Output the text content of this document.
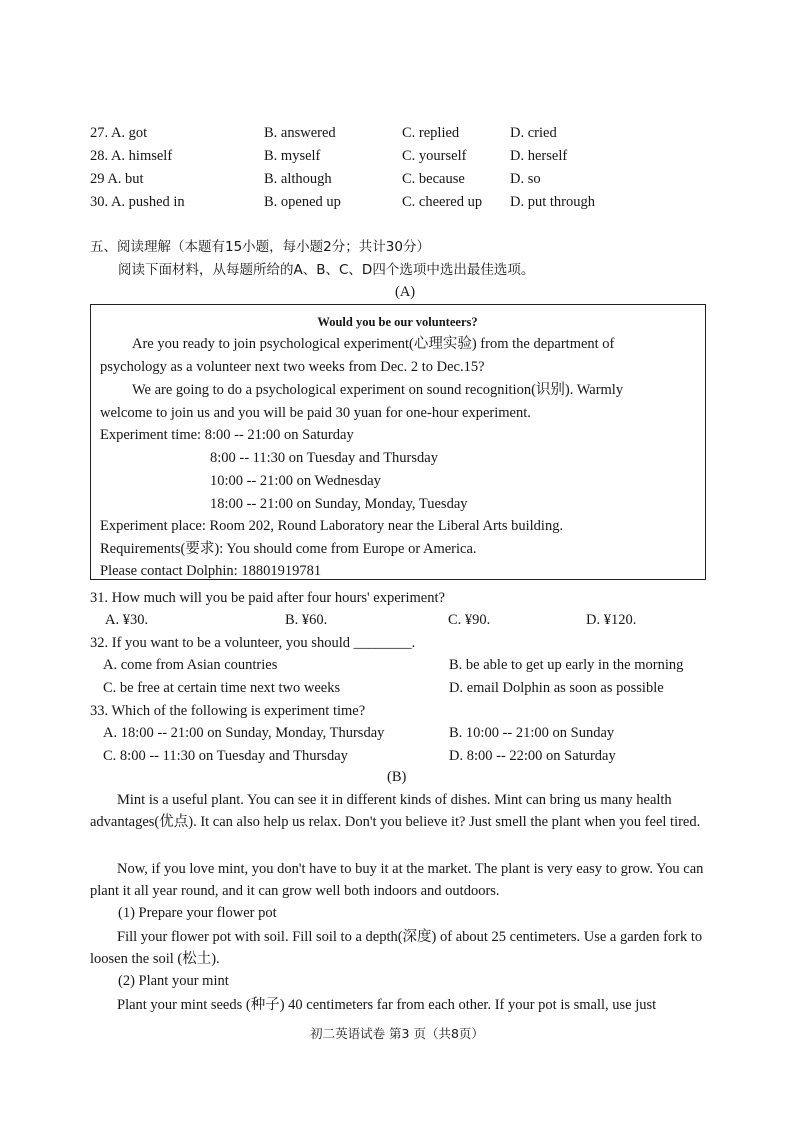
27. A. got	B. answered	C. replied	D. cried
28. A. himself	B. myself	C. yourself	D. herself
29 A. but	B. although	C. because	D. so
30. A. pushed in	B. opened up	C. cheered up D. put through
五、阅读理解（本题有15小题，每小题2分；共计30分）
阅读下面材料，从每题所给的A、B、C、D四个选项中选出最佳选项。
(A)
Would you be our volunteers?
Are you ready to join psychological experiment(心理实验) from the department of
psychology as a volunteer next two weeks from Dec. 2 to Dec.15?
We are going to do a psychological experiment on sound recognition(识别). Warmly
welcome to join us and you will be paid 30 yuan for one-hour experiment.
Experiment time: 8:00 -- 21:00 on Saturday
8:00 -- 11:30 on Tuesday and Thursday
10:00 -- 21:00 on Wednesday
18:00 -- 21:00 on Sunday, Monday, Tuesday
Experiment place: Room 202, Round Laboratory near the Liberal Arts building.
Requirements(要求): You should come from Europe or America.
Please contact Dolphin: 18801919781
31. How much will you be paid after four hours' experiment?
A. ¥30.	B. ¥60.	C. ¥90.	D. ¥120.
32. If you want to be a volunteer, you should ________.
A. come from Asian countries	B. be able to get up early in the morning
C. be free at certain time next two weeks	D. email Dolphin as soon as possible
33. Which of the following is experiment time?
A. 18:00 -- 21:00 on Sunday, Monday, Thursday	B. 10:00 -- 21:00 on Sunday
C. 8:00 -- 11:30 on Tuesday and Thursday	D. 8:00 -- 22:00 on Saturday
(B)
Mint is a useful plant. You can see it in different kinds of dishes. Mint can bring us many health advantages(优点). It can also help us relax. Don't you believe it? Just smell the plant when you feel tired.
Now, if you love mint, you don't have to buy it at the market. The plant is very easy to grow. You can plant it all year round, and it can grow well both indoors and outdoors.
(1) Prepare your flower pot
Fill your flower pot with soil. Fill soil to a depth(深度) of about 25 centimeters. Use a garden fork to loosen the soil (松土).
(2) Plant your mint
Plant your mint seeds (种子) 40 centimeters far from each other. If your pot is small, use just
初二英语试卷 第3 页（共8页）
